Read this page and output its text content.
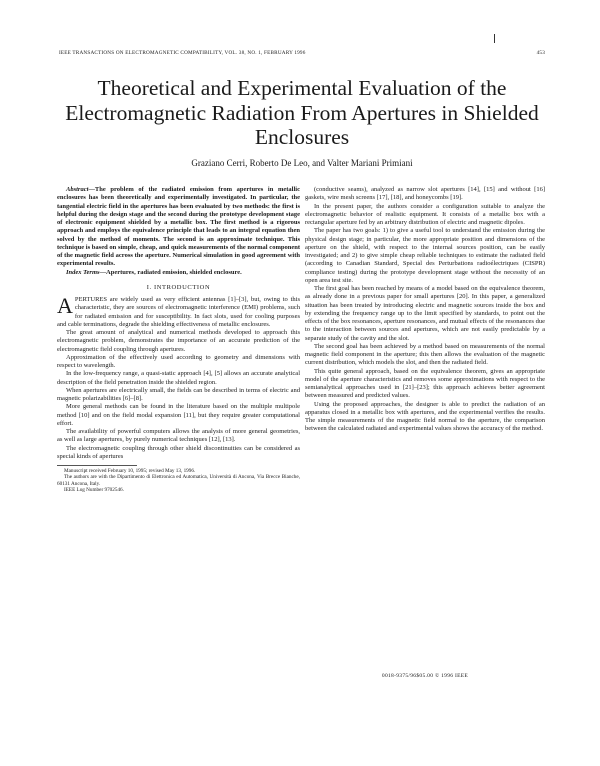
IEEE TRANSACTIONS ON ELECTROMAGNETIC COMPATIBILITY, VOL. 38, NO. 1, FEBRUARY 1996	453
Theoretical and Experimental Evaluation of the Electromagnetic Radiation From Apertures in Shielded Enclosures
Graziano Cerri, Roberto De Leo, and Valter Mariani Primiani

Abstract—The problem of the radiated emission from apertures in metallic enclosures has been theoretically and experimentally investigated. In particular, the tangential electric field in the apertures has been evaluated by two methods: the first is helpful during the design stage and the second during the prototype development stage of electronic equipment shielded by a metallic box. The first method is a rigorous approach and employs the equivalence principle that leads to an integral equation then solved by the method of moments. The second is an approximate technique. This technique is based on simple, cheap, and quick measurements of the normal component of the magnetic field across the aperture. Numerical simulation in good agreement with experimental results.

Index Terms—Apertures, radiated emission, shielded enclosure.

I. INTRODUCTION

APERTURES are widely used as very efficient antennas [1]–[3], but, owing to this characteristic, they are sources of electromagnetic interference (EMI) problems, such for radiated emission and for susceptibility. In fact slots, used for cooling purposes and cable terminations, degrade the shielding effectiveness of metallic enclosures.

The great amount of analytical and numerical methods developed to approach this electromagnetic problem, demonstrates the importance of an accurate prediction of the electromagnetic field coupling through apertures.

Approximation of the effectively used according to geometry and dimensions with respect to wavelength.

In the low-frequency range, a quasi-static approach [4], [5] allows an accurate analytical description of the field penetration inside the shielded region.

When apertures are electrically small, the fields can be described in terms of electric and magnetic polarizabilities [6]–[8].

More general methods can be found in the literature based on the multiple multipole method [10] and on the field modal expansion [11], but they require greater computational effort.

The availability of powerful computers allows the analysis of more general geometries, as well as large apertures, by purely numerical techniques [12], [13].

The electromagnetic coupling through other shield discontinuities can be considered as special kinds of apertures

Manuscript received February 10, 1995; revised May 13, 1996.

The authors are with the Dipartimento di Elettronica ed Automatica, Università di Ancona, Via Brecce Bianche, 60131 Ancona, Italy.

IEEE Log Number 9702546.

(conductive seams), analyzed as narrow slot apertures [14], [15] and without [16] gaskets, wire mesh screens [17], [18], and honeycombs [19].

In the present paper, the authors consider a configuration suitable to analyze the electromagnetic behavior of realistic equipment. It consists of a metallic box with a rectangular aperture fed by an arbitrary distribution of electric and magnetic dipoles.

The paper has two goals: 1) to give a useful tool to understand the emission during the physical design stage; in particular, the more appropriate position and dimensions of the aperture on the shield, with respect to the internal sources position, can be easily investigated; and 2) to give simple cheap reliable techniques to estimate the radiated field (according to Canadian Standard, Special des Perturbations radioélectriques (CISPR) compliance testing) during the prototype development stage without the necessity of an open area test site.

The first goal has been reached by means of a model based on the equivalence theorem, as already done in a previous paper for small apertures [20]. In this paper, a generalized situation has been treated by introducing electric and magnetic sources inside the box and by extending the frequency range up to the limit specified by standards, to point out the effects of the box resonances, aperture resonances, and mutual effects of the resonances due to the interaction between sources and apertures, which are not easily predictable by a separate study of the cavity and the slot.

The second goal has been achieved by a method based on measurements of the normal magnetic field component in the aperture; this then allows the evaluation of the magnetic current distribution, which models the slot, and then the radiated field.

This quite general approach, based on the equivalence theorem, gives an appropriate model of the aperture characteristics and removes some approximations with respect to the semianalytical approaches used in [21]–[23]; this approach achieves better agreement between measured and predicted values.

Using the proposed approaches, the designer is able to predict the radiation of an apparatus closed in a metallic box with apertures, and the experimental verifies the results. The simple measurements of the magnetic field normal to the aperture, the comparison between the calculated radiated and experimental values shows the accuracy of the method.

0018-9375/96$05.00 © 1996 IEEE
